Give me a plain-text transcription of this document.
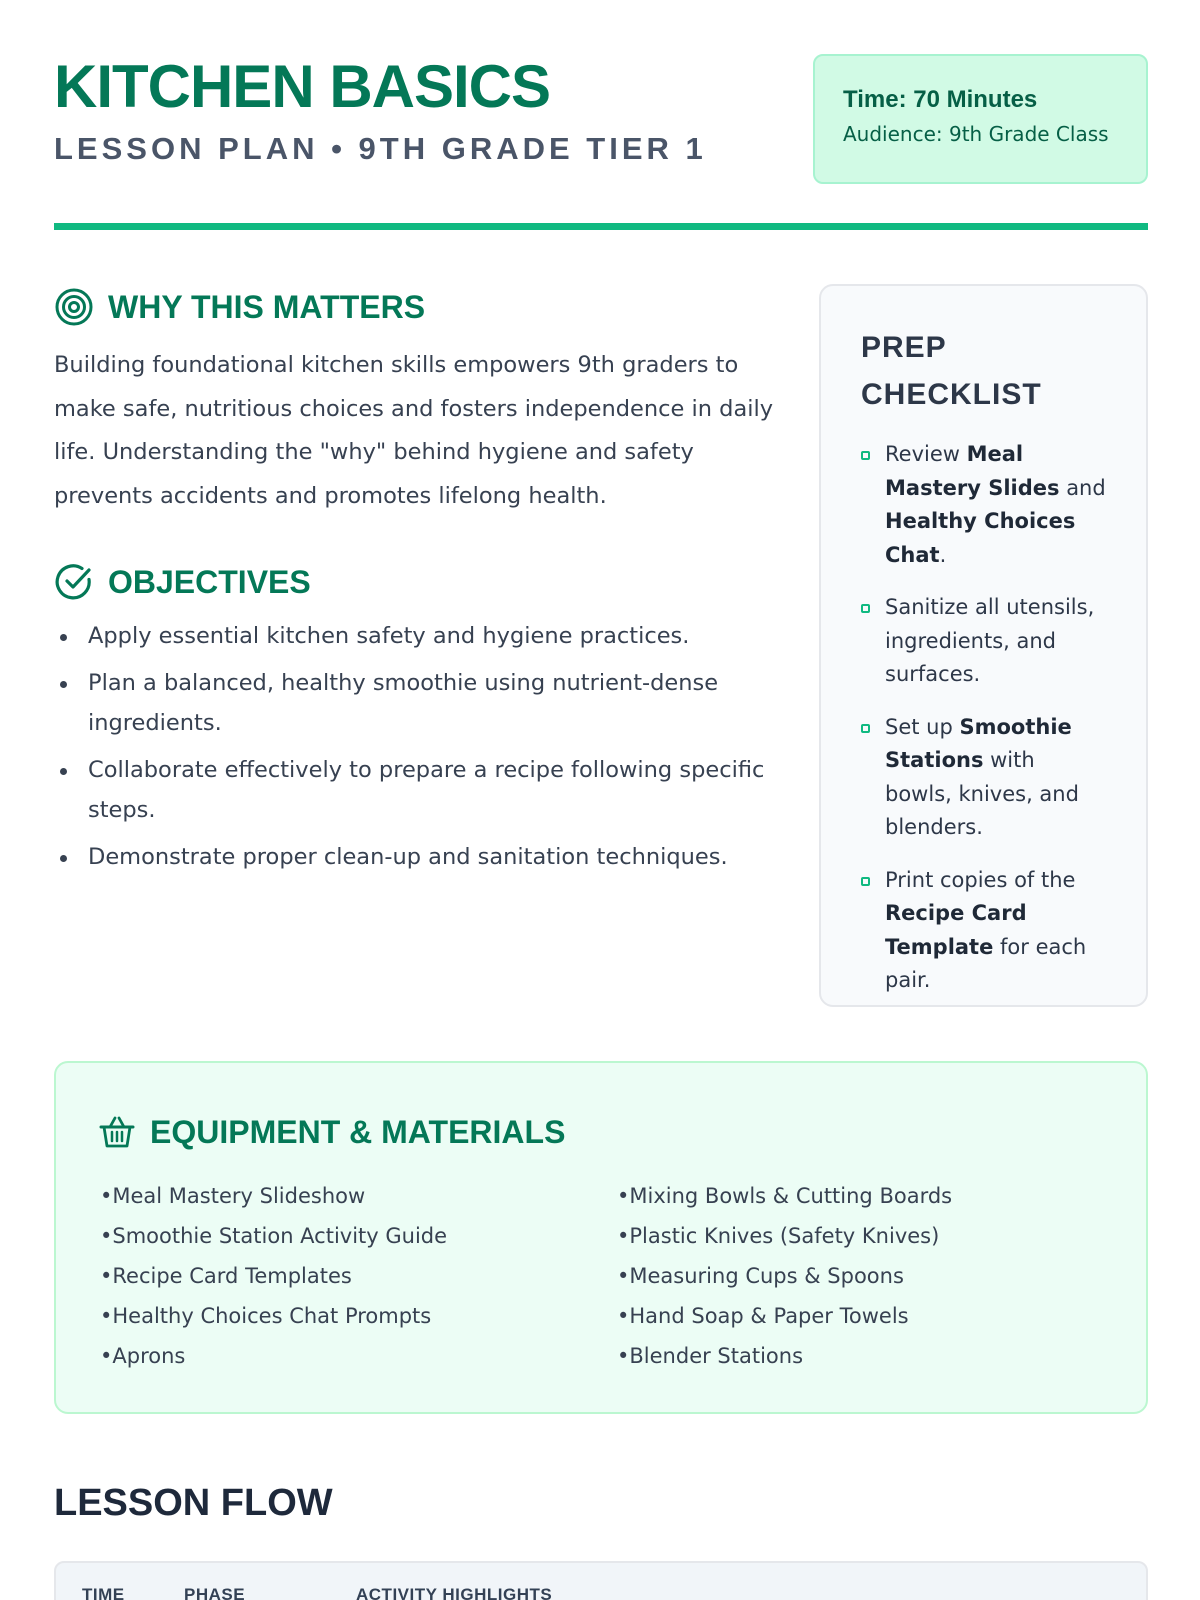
KITCHEN BASICS
LESSON PLAN • 9TH GRADE TIER 1
Time: 70 Minutes
Audience: 9th Grade Class
WHY THIS MATTERS

Building foundational kitchen skills empowers 9th graders to make safe, nutritious choices and fosters independence in daily life. Understanding the "why" behind hygiene and safety prevents accidents and promotes lifelong health.

OBJECTIVES
Apply essential kitchen safety and hygiene practices.
Plan a balanced, healthy smoothie using nutrient-dense ingredients.
Collaborate effectively to prepare a recipe following specific steps.
Demonstrate proper clean-up and sanitation techniques.
PREP CHECKLIST
Review Meal Mastery Slides and Healthy Choices Chat.
Sanitize all utensils, ingredients, and surfaces.
Set up Smoothie Stations with bowls, knives, and blenders.
Print copies of the Recipe Card Template for each pair.
EQUIPMENT & MATERIALS
• Meal Mastery Slideshow
• Smoothie Station Activity Guide
• Recipe Card Templates
• Healthy Choices Chat Prompts
• Aprons
• Mixing Bowls & Cutting Boards
• Plastic Knives (Safety Knives)
• Measuring Cups & Spoons
• Hand Soap & Paper Towels
• Blender Stations
LESSON FLOW
TIME	PHASE	ACTIVITY HIGHLIGHTS
